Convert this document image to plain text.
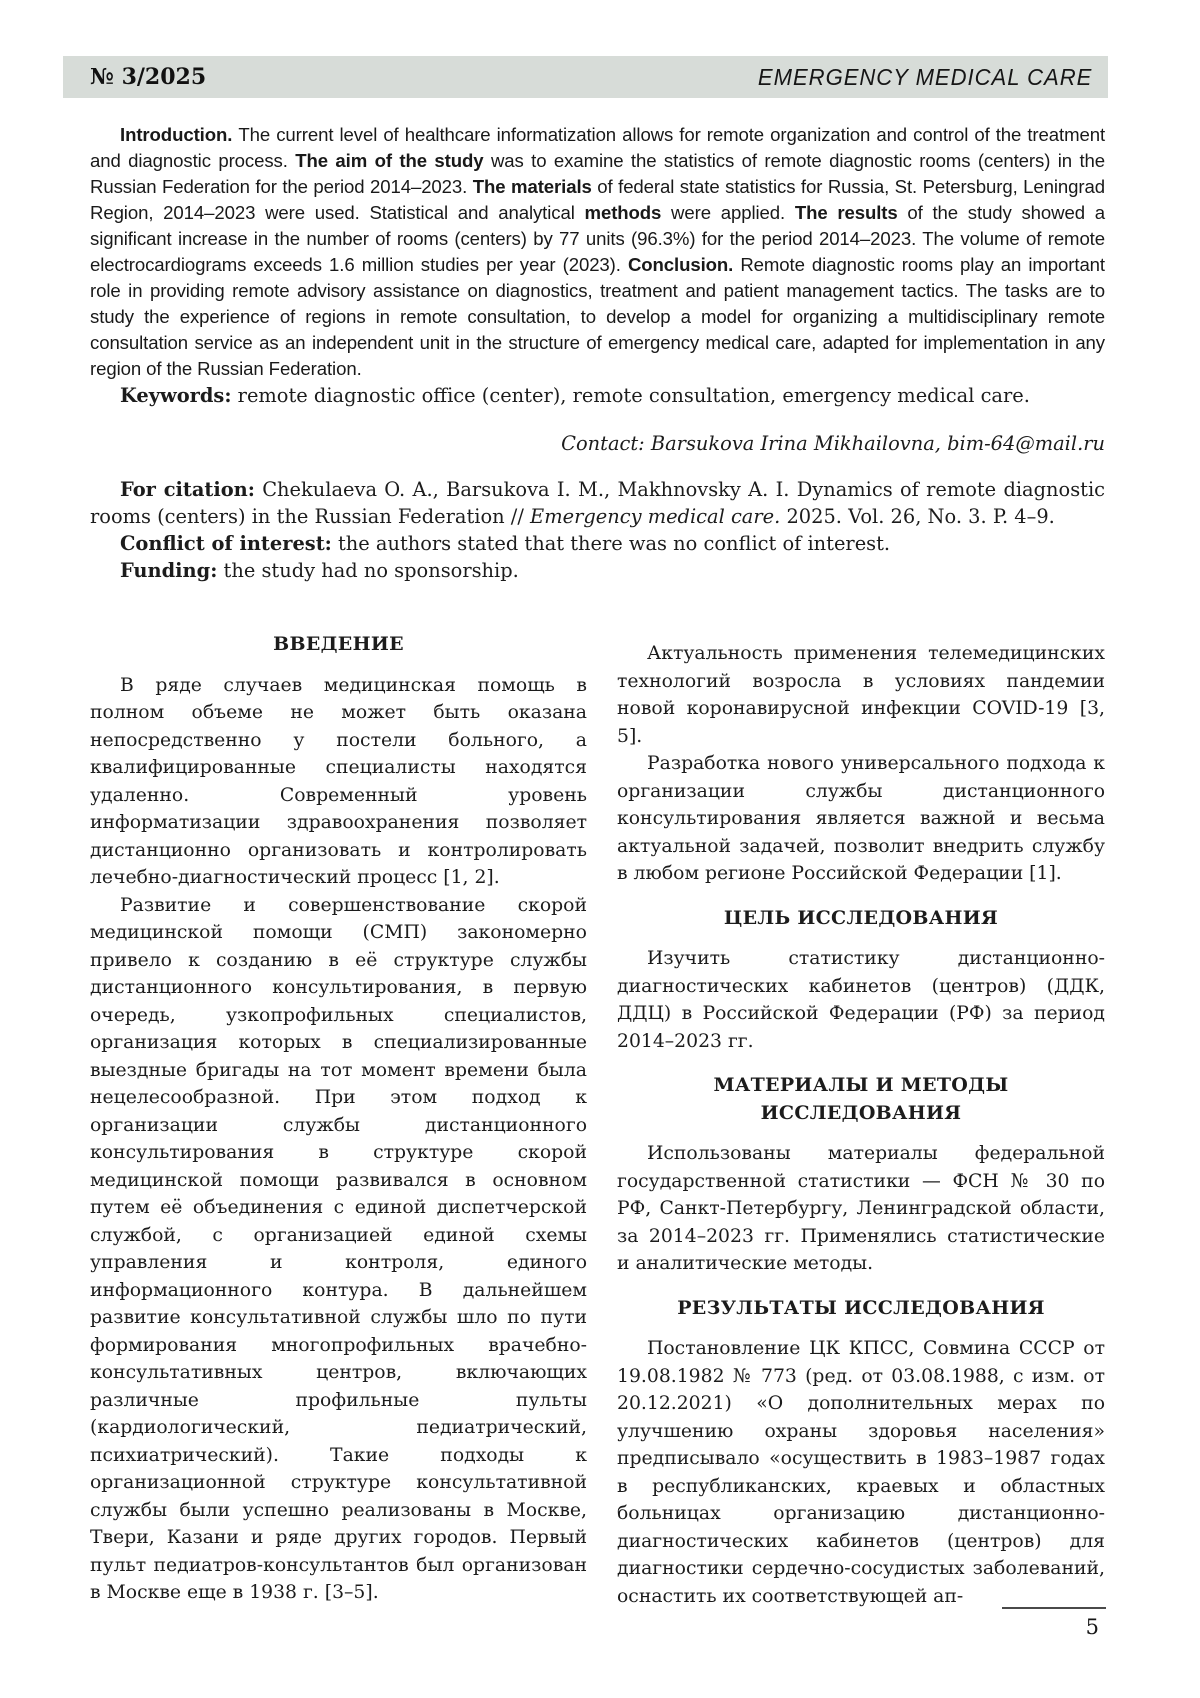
№ 3/2025	EMERGENCY MEDICAL CARE

Introduction. The current level of healthcare informatization allows for remote organization and control of the treatment and diagnostic process. The aim of the study was to examine the statistics of remote diagnostic rooms (centers) in the Russian Federation for the period 2014–2023. The materials of federal state statistics for Russia, St. Petersburg, Leningrad Region, 2014–2023 were used. Statistical and analytical methods were applied. The results of the study showed a significant increase in the number of rooms (centers) by 77 units (96.3%) for the period 2014–2023. The volume of remote electrocardiograms exceeds 1.6 million studies per year (2023). Conclusion. Remote diagnostic rooms play an important role in providing remote advisory assistance on diagnostics, treatment and patient management tactics. The tasks are to study the experience of regions in remote consultation, to develop a model for organizing a multidisciplinary remote consultation service as an independent unit in the structure of emergency medical care, adapted for implementation in any region of the Russian Federation.

Keywords: remote diagnostic office (center), remote consultation, emergency medical care.

Contact: Barsukova Irina Mikhailovna, bim-64@mail.ru

For citation: Chekulaeva O. A., Barsukova I. M., Makhnovsky A. I. Dynamics of remote diagnostic rooms (centers) in the Russian Federation // Emergency medical care. 2025. Vol. 26, No. 3. P. 4–9.

Conflict of interest: the authors stated that there was no conflict of interest.

Funding: the study had no sponsorship.

ВВЕДЕНИЕ

В ряде случаев медицинская помощь в полном объеме не может быть оказана непосредственно у постели больного, а квалифицированные специалисты находятся удаленно. Современный уровень информатизации здравоохранения позволяет дистанционно организовать и контролировать лечебно-диагностический процесс [1, 2].

Развитие и совершенствование скорой медицинской помощи (СМП) закономерно привело к созданию в её структуре службы дистанционного консультирования, в первую очередь, узкопрофильных специалистов, организация которых в специализированные выездные бригады на тот момент времени была нецелесообразной. При этом подход к организации службы дистанционного консультирования в структуре скорой медицинской помощи развивался в основном путем её объединения с единой диспетчерской службой, с организацией единой схемы управления и контроля, единого информационного контура. В дальнейшем развитие консультативной службы шло по пути формирования многопрофильных врачебно-консультативных центров, включающих различные профильные пульты (кардиологический, педиатрический, психиатрический). Такие подходы к организационной структуре консультативной службы были успешно реализованы в Москве, Твери, Казани и ряде других городов. Первый пульт педиатров-консультантов был организован в Москве еще в 1938 г. [3–5].

Актуальность применения телемедицинских технологий возросла в условиях пандемии новой коронавирусной инфекции COVID-19 [3, 5].

Разработка нового универсального подхода к организации службы дистанционного консультирования является важной и весьма актуальной задачей, позволит внедрить службу в любом регионе Российской Федерации [1].

ЦЕЛЬ ИССЛЕДОВАНИЯ

Изучить статистику дистанционно-диагностических кабинетов (центров) (ДДК, ДДЦ) в Российской Федерации (РФ) за период 2014–2023 гг.

МАТЕРИАЛЫ И МЕТОДЫ ИССЛЕДОВАНИЯ

Использованы материалы федеральной государственной статистики — ФСН № 30 по РФ, Санкт-Петербургу, Ленинградской области, за 2014–2023 гг. Применялись статистические и аналитические методы.

РЕЗУЛЬТАТЫ ИССЛЕДОВАНИЯ

Постановление ЦК КПСС, Совмина СССР от 19.08.1982 № 773 (ред. от 03.08.1988, с изм. от 20.12.2021) «О дополнительных мерах по улучшению охраны здоровья населения» предписывало «осуществить в 1983–1987 годах в республиканских, краевых и областных больницах организацию дистанционно-диагностических кабинетов (центров) для диагностики сердечно-сосудистых заболеваний, оснастить их соответствующей ап-

5
